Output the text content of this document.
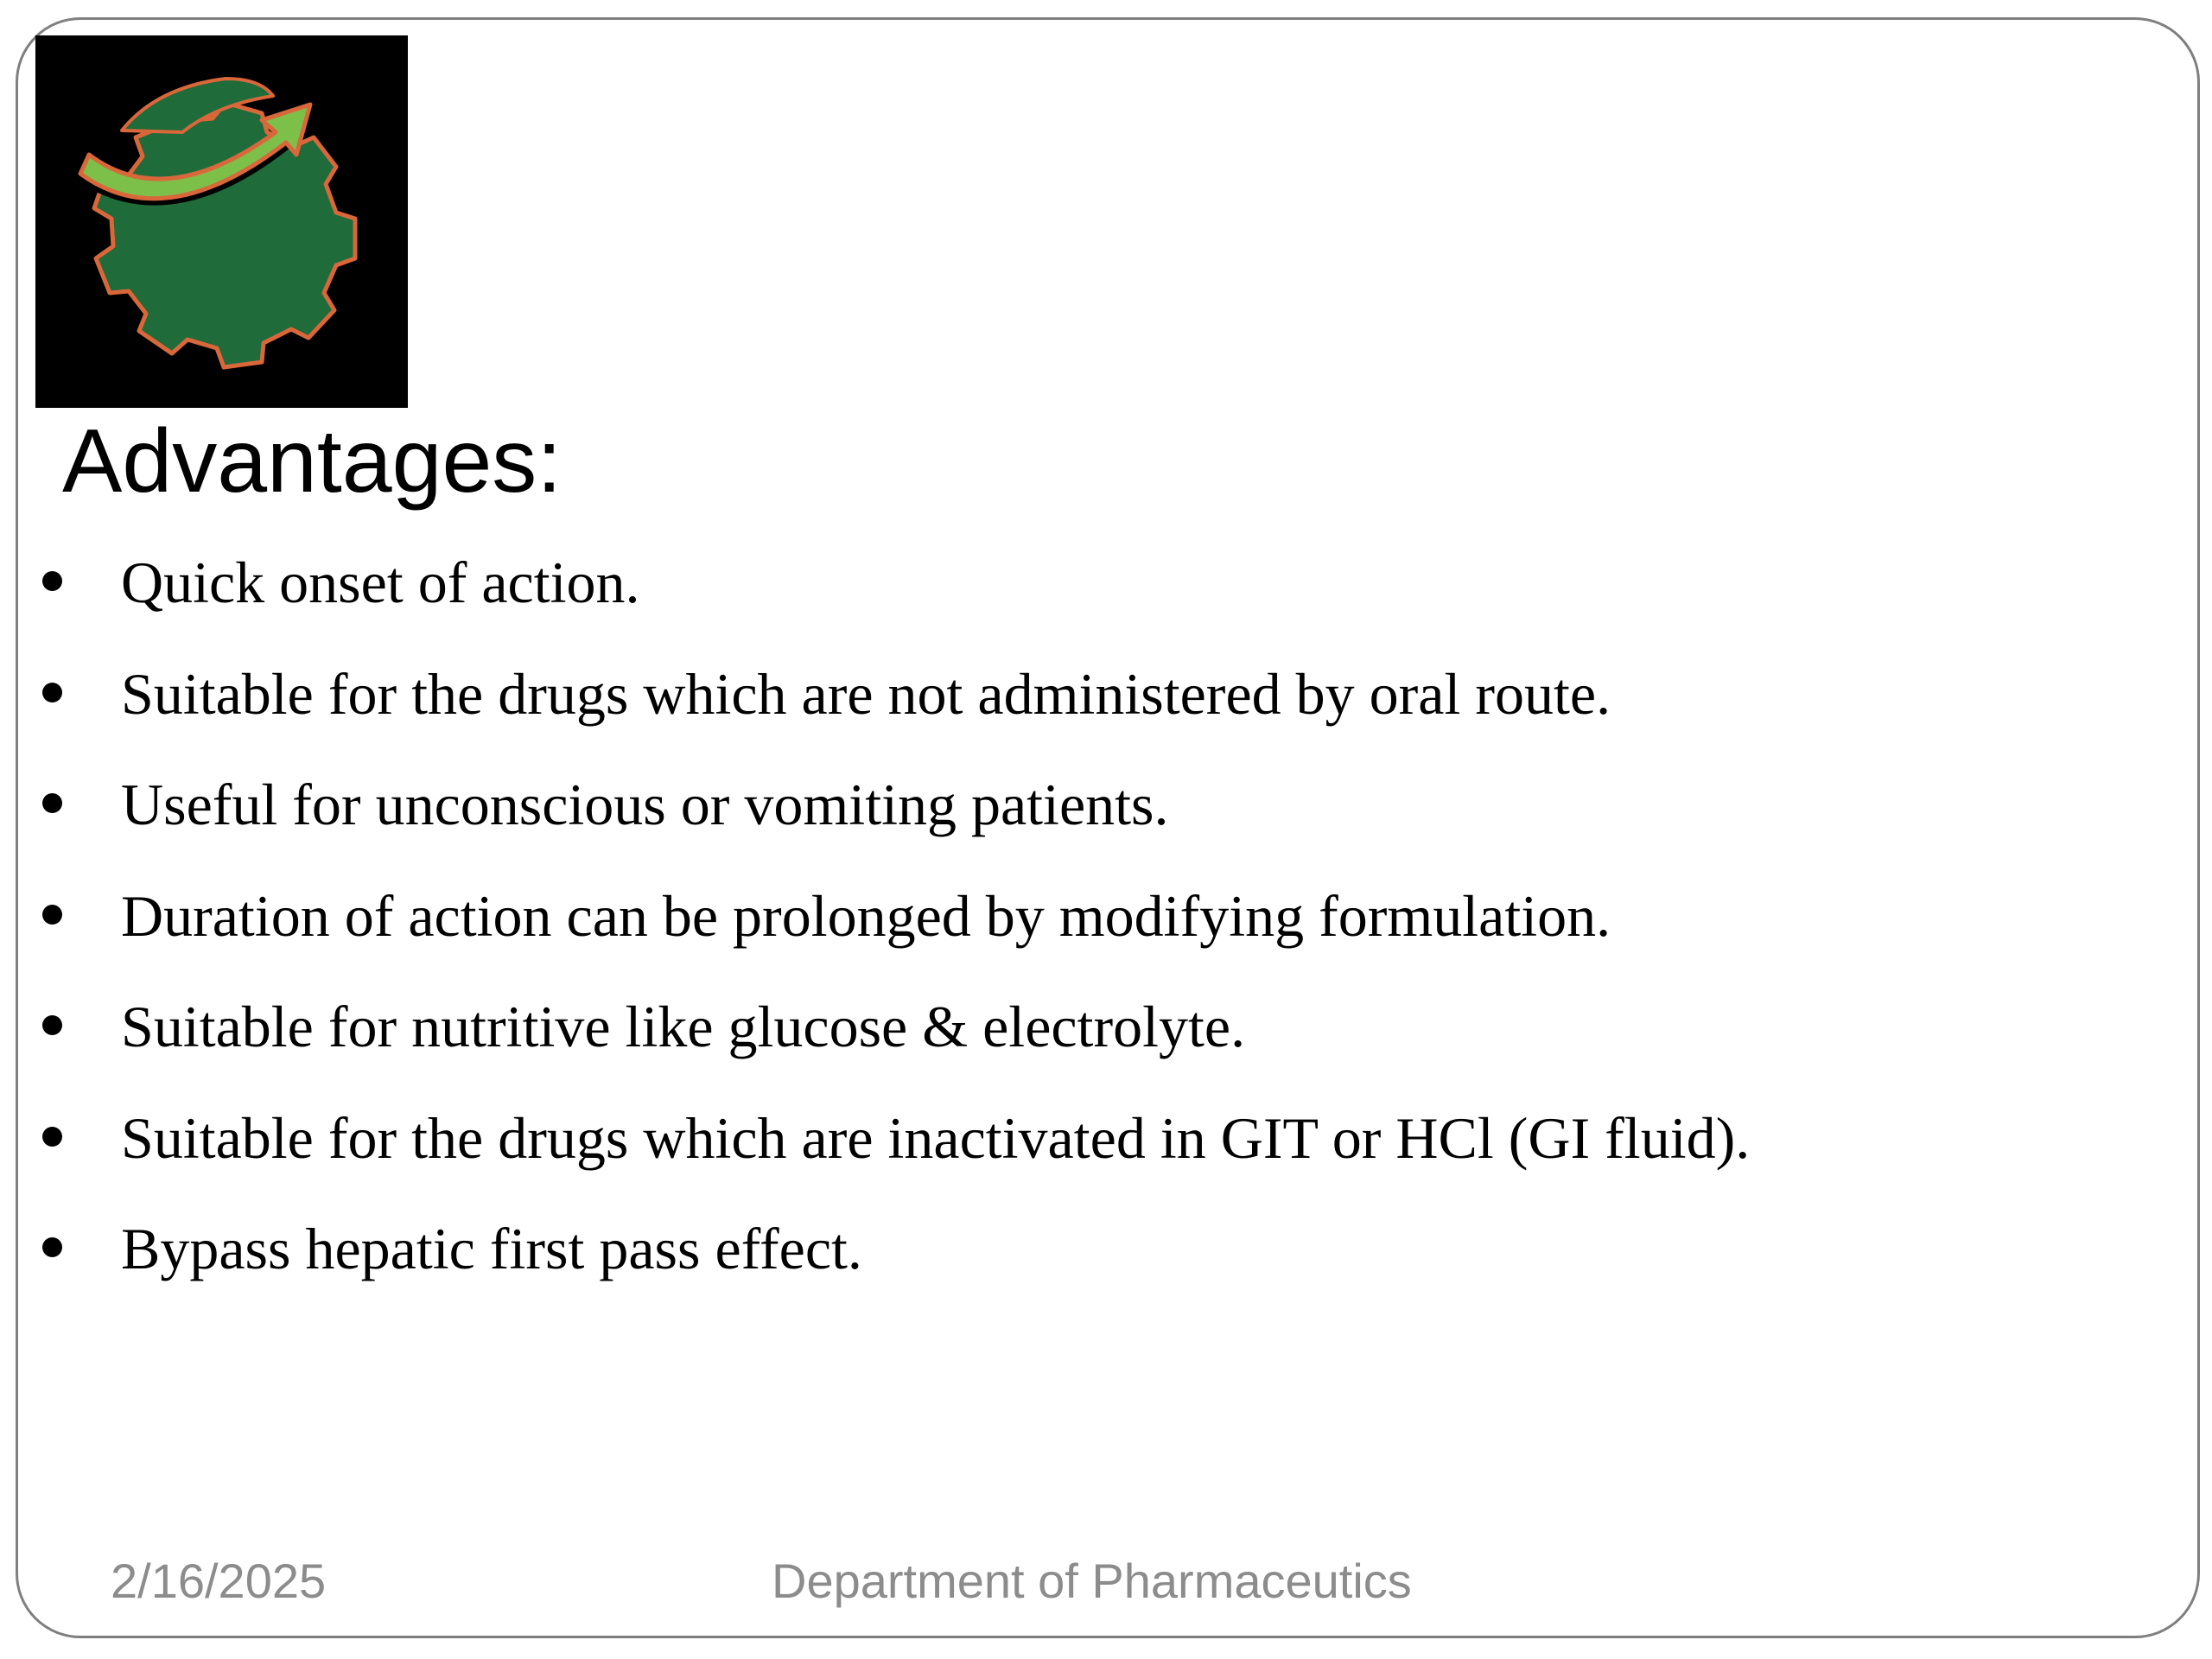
Advantages:
Quick onset of action.
Suitable for the drugs which are not administered by oral route.
Useful for unconscious or vomiting patients.
Duration of action can be prolonged by modifying formulation.
Suitable for nutritive like glucose & electrolyte.
Suitable for the drugs which are inactivated in GIT or HCl (GI fluid).
Bypass hepatic first pass effect.
2/16/2025	Department of Pharmaceutics
